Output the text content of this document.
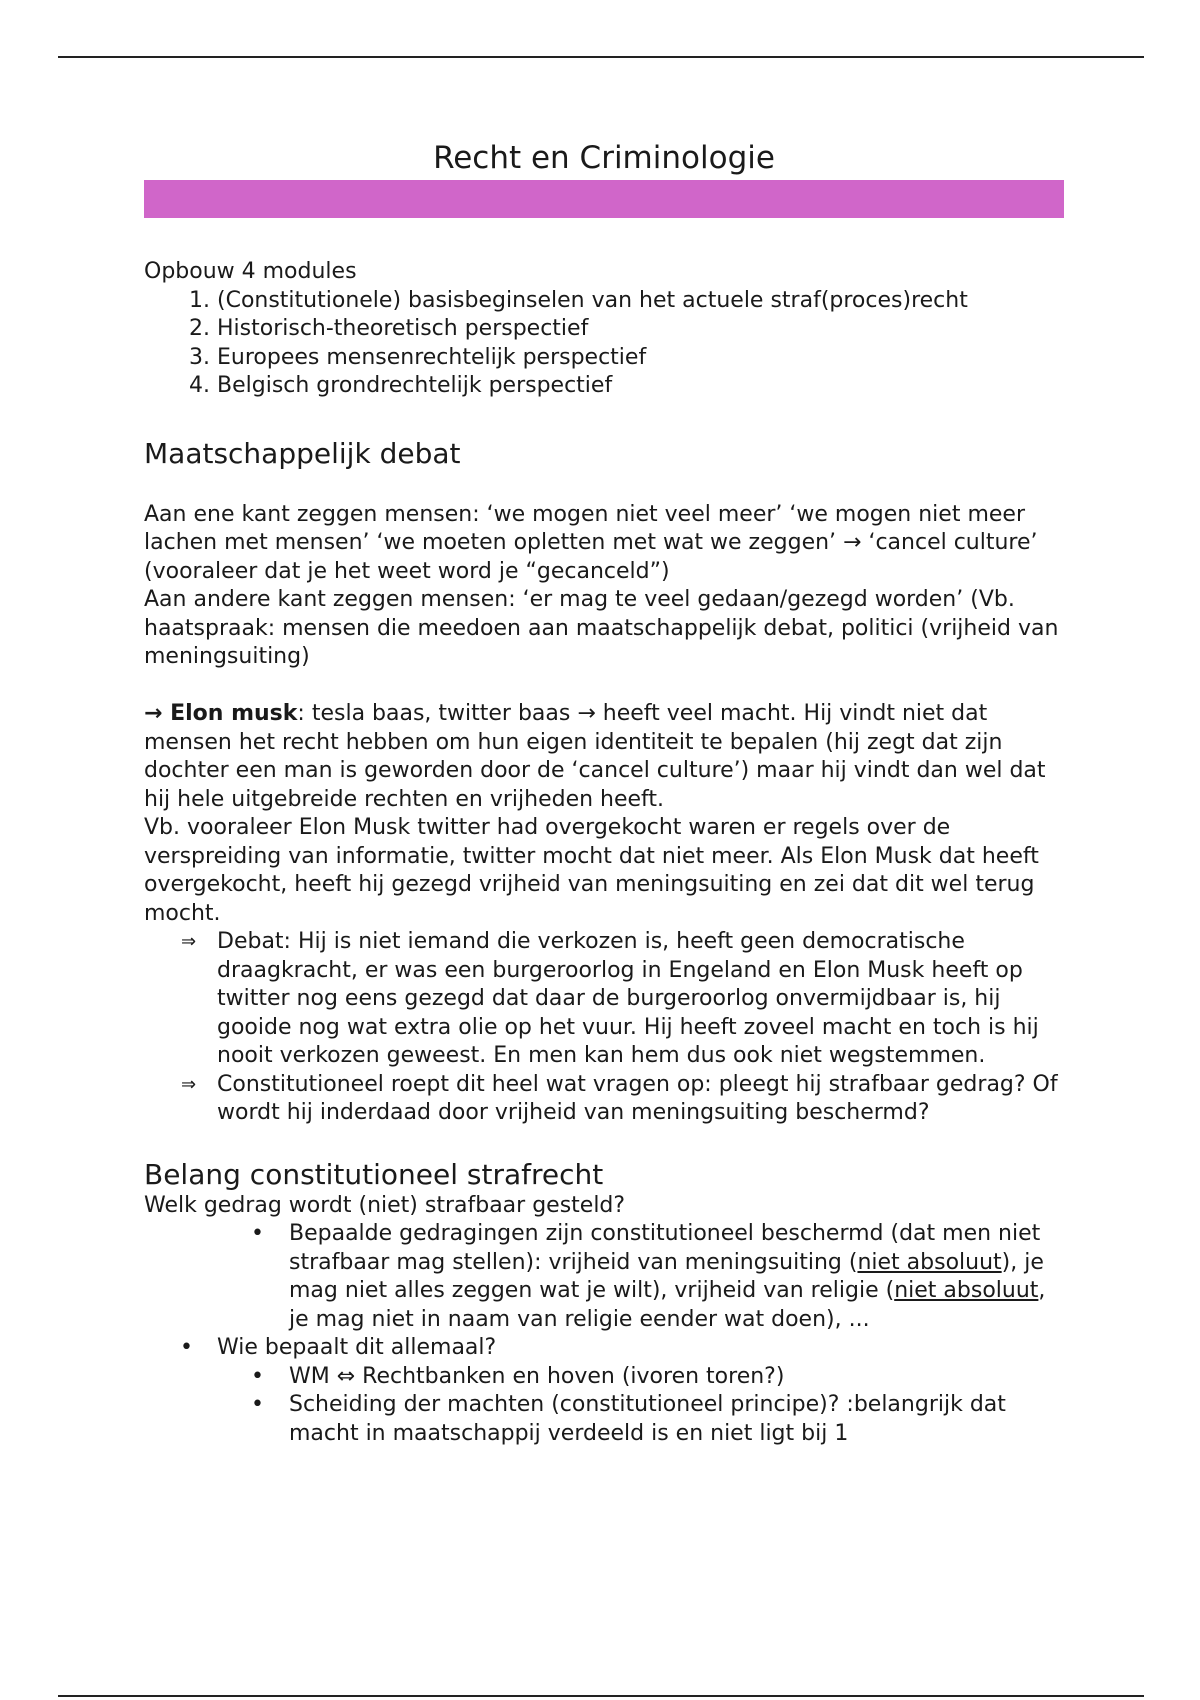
Recht en Criminologie

Opbouw 4 modules

1. (Constitutionele) basisbeginselen van het actuele straf(proces)recht
2. Historisch-theoretisch perspectief
3. Europees mensenrechtelijk perspectief
4. Belgisch grondrechtelijk perspectief
Maatschappelijk debat

Aan ene kant zeggen mensen: ‘we mogen niet veel meer’ ‘we mogen niet meer lachen met mensen’ ‘we moeten opletten met wat we zeggen’ → ‘cancel culture’ (vooraleer dat je het weet word je “gecanceld”)

Aan andere kant zeggen mensen: ‘er mag te veel gedaan/gezegd worden’ (Vb. haatspraak: mensen die meedoen aan maatschappelijk debat, politici (vrijheid van meningsuiting)

→ Elon musk: tesla baas, twitter baas → heeft veel macht. Hij vindt niet dat mensen het recht hebben om hun eigen identiteit te bepalen (hij zegt dat zijn dochter een man is geworden door de ‘cancel culture’) maar hij vindt dan wel dat hij hele uitgebreide rechten en vrijheden heeft.

Vb. vooraleer Elon Musk twitter had overgekocht waren er regels over de verspreiding van informatie, twitter mocht dat niet meer. Als Elon Musk dat heeft overgekocht, heeft hij gezegd vrijheid van meningsuiting en zei dat dit wel terug mocht.

⇒ Debat: Hij is niet iemand die verkozen is, heeft geen democratische draagkracht, er was een burgeroorlog in Engeland en Elon Musk heeft op twitter nog eens gezegd dat daar de burgeroorlog onvermijdbaar is, hij gooide nog wat extra olie op het vuur. Hij heeft zoveel macht en toch is hij nooit verkozen geweest. En men kan hem dus ook niet wegstemmen.
⇒ Constitutioneel roept dit heel wat vragen op: pleegt hij strafbaar gedrag? Of wordt hij inderdaad door vrijheid van meningsuiting beschermd?
Belang constitutioneel strafrecht

Welk gedrag wordt (niet) strafbaar gesteld?

• Bepaalde gedragingen zijn constitutioneel beschermd (dat men niet strafbaar mag stellen): vrijheid van meningsuiting (niet absoluut), je mag niet alles zeggen wat je wilt), vrijheid van religie (niet absoluut, je mag niet in naam van religie eender wat doen), ...
• Wie bepaalt dit allemaal?
• WM ⇔ Rechtbanken en hoven (ivoren toren?)
• Scheiding der machten (constitutioneel principe)? :belangrijk dat macht in maatschappij verdeeld is en niet ligt bij 1
